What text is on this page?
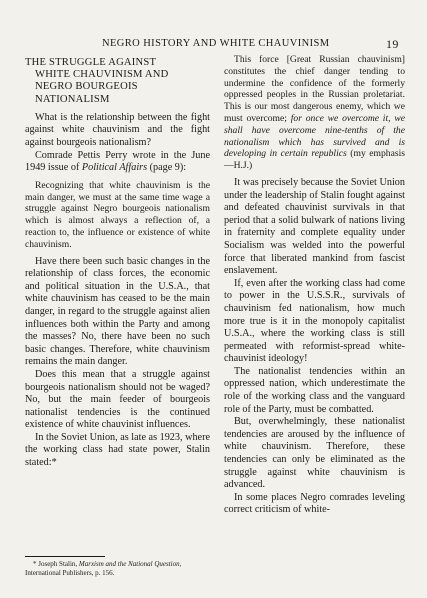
NEGRO HISTORY AND WHITE CHAUVINISM	19
THE STRUGGLE AGAINST
WHITE CHAUVINISM AND
NEGRO BOURGEOIS
NATIONALISM

What is the relationship between the fight against white chauvinism and the fight against bourgeois nationalism?

Comrade Pettis Perry wrote in the June 1949 issue of Political Affairs (page 9):

Recognizing that white chauvinism is the main danger, we must at the same time wage a struggle against Negro bourgeois nationalism which is almost always a reflection of, a reaction to, the influence or existence of white chauvinism.

Have there been such basic changes in the relationship of class forces, the economic and political situation in the U.S.A., that white chauvinism has ceased to be the main danger, in regard to the struggle against alien influences both within the Party and among the masses? No, there have been no such basic changes. Therefore, white chauvinism remains the main danger.

Does this mean that a struggle against bourgeois nationalism should not be waged? No, but the main feeder of bourgeois nationalist tendencies is the continued existence of white chauvinist influences.

In the Soviet Union, as late as 1923, where the working class had state power, Stalin stated:*

* Joseph Stalin, Marxism and the National Question, International Publishers, p. 156.

This force [Great Russian chauvinism] constitutes the chief danger tending to undermine the confidence of the formerly oppressed peoples in the Russian proletariat. This is our most dangerous enemy, which we must overcome; for once we overcome it, we shall have overcome nine-tenths of the nationalism which has survived and is developing in certain republics (my emphasis—H.J.)

It was precisely because the Soviet Union under the leadership of Stalin fought against and defeated chauvinist survivals in that period that a solid bulwark of nations living in fraternity and complete equality under Socialism was welded into the powerful force that liberated mankind from fascist enslavement.

If, even after the working class had come to power in the U.S.S.R., survivals of chauvinism fed nationalism, how much more true is it in the monopoly capitalist U.S.A., where the working class is still permeated with reformist-spread white-chauvinist ideology!

The nationalist tendencies within an oppressed nation, which underestimate the role of the working class and the vanguard role of the Party, must be combatted.

But, overwhelmingly, these nationalist tendencies are aroused by the influence of white chauvinism. Therefore, these tendencies can only be eliminated as the struggle against white chauvinism is advanced.

In some places Negro comrades leveling correct criticism of white-
